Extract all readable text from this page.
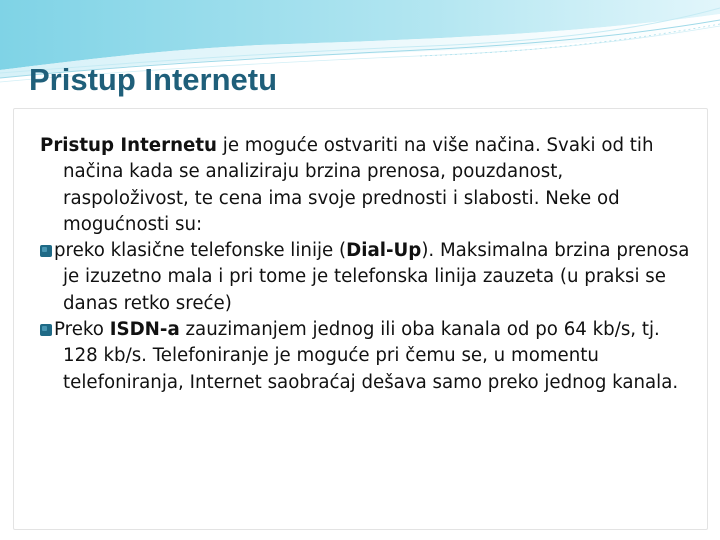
Pristup Internetu

Pristup Internetu je moguće ostvariti na više načina. Svaki od tih načina kada se analiziraju brzina prenosa, pouzdanost, raspoloživost, te cena ima svoje prednosti i slabosti. Neke od mogućnosti su:

preko klasične telefonske linije (Dial-Up). Maksimalna brzina prenosa je izuzetno mala i pri tome je telefonska linija zauzeta (u praksi se danas retko sreće)

Preko ISDN-a zauzimanjem jednog ili oba kanala od po 64 kb/s, tj. 128 kb/s. Telefoniranje je moguće pri čemu se, u momentu telefoniranja, Internet saobraćaj dešava samo preko jednog kanala.
